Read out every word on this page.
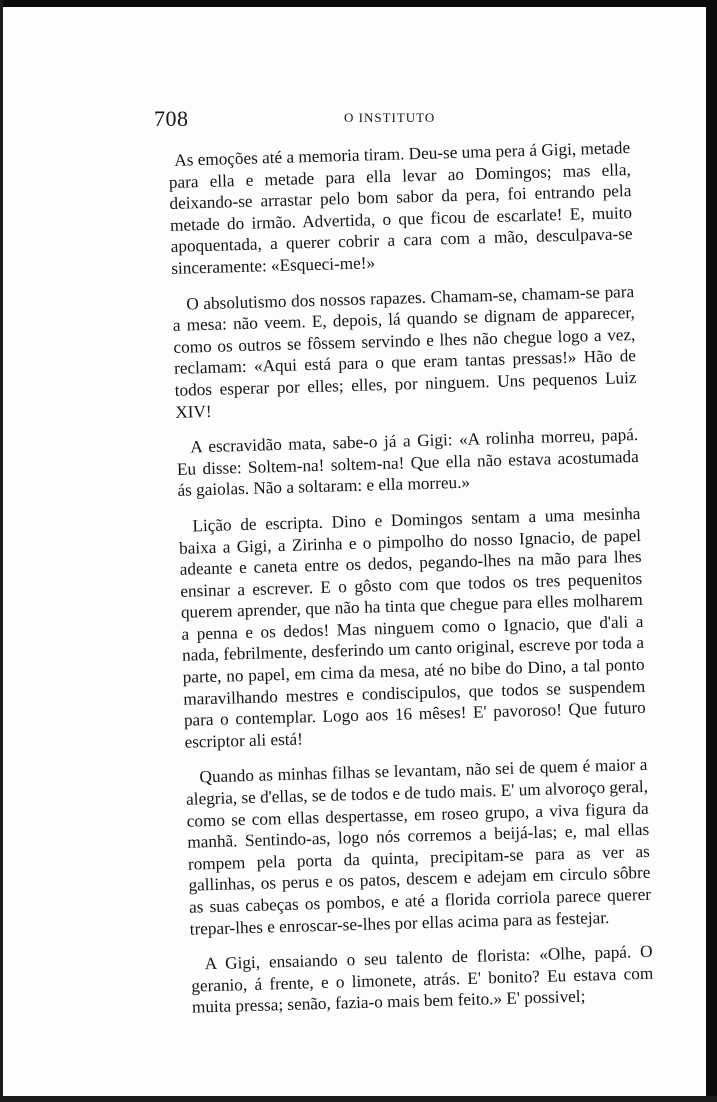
708	O INSTITUTO

As emoções até a memoria tiram. Deu-se uma pera á Gigi, metade para ella e metade para ella levar ao Domingos; mas ella, deixando-se arrastar pelo bom sabor da pera, foi entrando pela metade do irmão. Advertida, o que ficou de escarlate! E, muito apoquentada, a querer cobrir a cara com a mão, desculpava-se sinceramente: «Esqueci-me!»

O absolutismo dos nossos rapazes. Chamam-se, chamam-se para a mesa: não veem. E, depois, lá quando se dignam de apparecer, como os outros se fôssem servindo e lhes não chegue logo a vez, reclamam: «Aqui está para o que eram tantas pressas!» Hão de todos esperar por elles; elles, por ninguem. Uns pequenos Luiz XIV!

A escravidão mata, sabe-o já a Gigi: «A rolinha morreu, papá. Eu disse: Soltem-na! soltem-na! Que ella não estava acostumada ás gaiolas. Não a soltaram: e ella morreu.»

Lição de escripta. Dino e Domingos sentam a uma mesinha baixa a Gigi, a Zirinha e o pimpolho do nosso Ignacio, de papel adeante e caneta entre os dedos, pegando-lhes na mão para lhes ensinar a escrever. E o gôsto com que todos os tres pequenitos querem aprender, que não ha tinta que chegue para elles molharem a penna e os dedos! Mas ninguem como o Ignacio, que d'ali a nada, febrilmente, desferindo um canto original, escreve por toda a parte, no papel, em cima da mesa, até no bibe do Dino, a tal ponto maravilhando mestres e condiscipulos, que todos se suspendem para o contemplar. Logo aos 16 mêses! E' pavoroso! Que futuro escriptor ali está!

Quando as minhas filhas se levantam, não sei de quem é maior a alegria, se d'ellas, se de todos e de tudo mais. E' um alvoroço geral, como se com ellas despertasse, em roseo grupo, a viva figura da manhã. Sentindo-as, logo nós corremos a beijá-las; e, mal ellas rompem pela porta da quinta, precipitam-se para as ver as gallinhas, os perus e os patos, descem e adejam em circulo sôbre as suas cabeças os pombos, e até a florida corriola parece querer trepar-lhes e enroscar-se-lhes por ellas acima para as festejar.

A Gigi, ensaiando o seu talento de florista: «Olhe, papá. O geranio, á frente, e o limonete, atrás. E' bonito? Eu estava com muita pressa; senão, fazia-o mais bem feito.» E' possivel;
